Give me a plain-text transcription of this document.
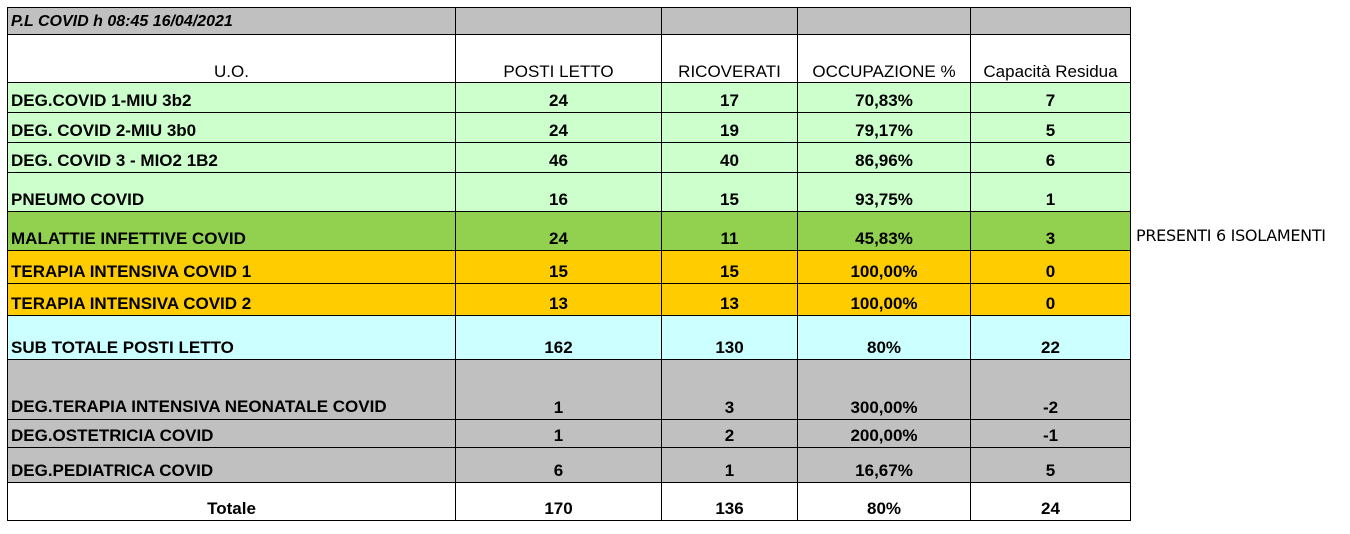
P.L COVID h 08:45 16/04/2021				
U.O.	POSTI LETTO	RICOVERATI	OCCUPAZIONE %	Capacità Residua
DEG.COVID 1-MIU 3b2	24	17	70,83%	7
DEG. COVID 2-MIU 3b0	24	19	79,17%	5
DEG. COVID 3 - MIO2 1B2	46	40	86,96%	6
PNEUMO COVID	16	15	93,75%	1
MALATTIE INFETTIVE COVID	24	11	45,83%	3
TERAPIA INTENSIVA COVID 1	15	15	100,00%	0
TERAPIA INTENSIVA COVID 2	13	13	100,00%	0
SUB TOTALE POSTI LETTO	162	130	80%	22
DEG.TERAPIA INTENSIVA NEONATALE COVID	1	3	300,00%	-2
DEG.OSTETRICIA COVID	1	2	200,00%	-1
DEG.PEDIATRICA COVID	6	1	16,67%	5
Totale	170	136	80%	24
PRESENTI 6 ISOLAMENTI
